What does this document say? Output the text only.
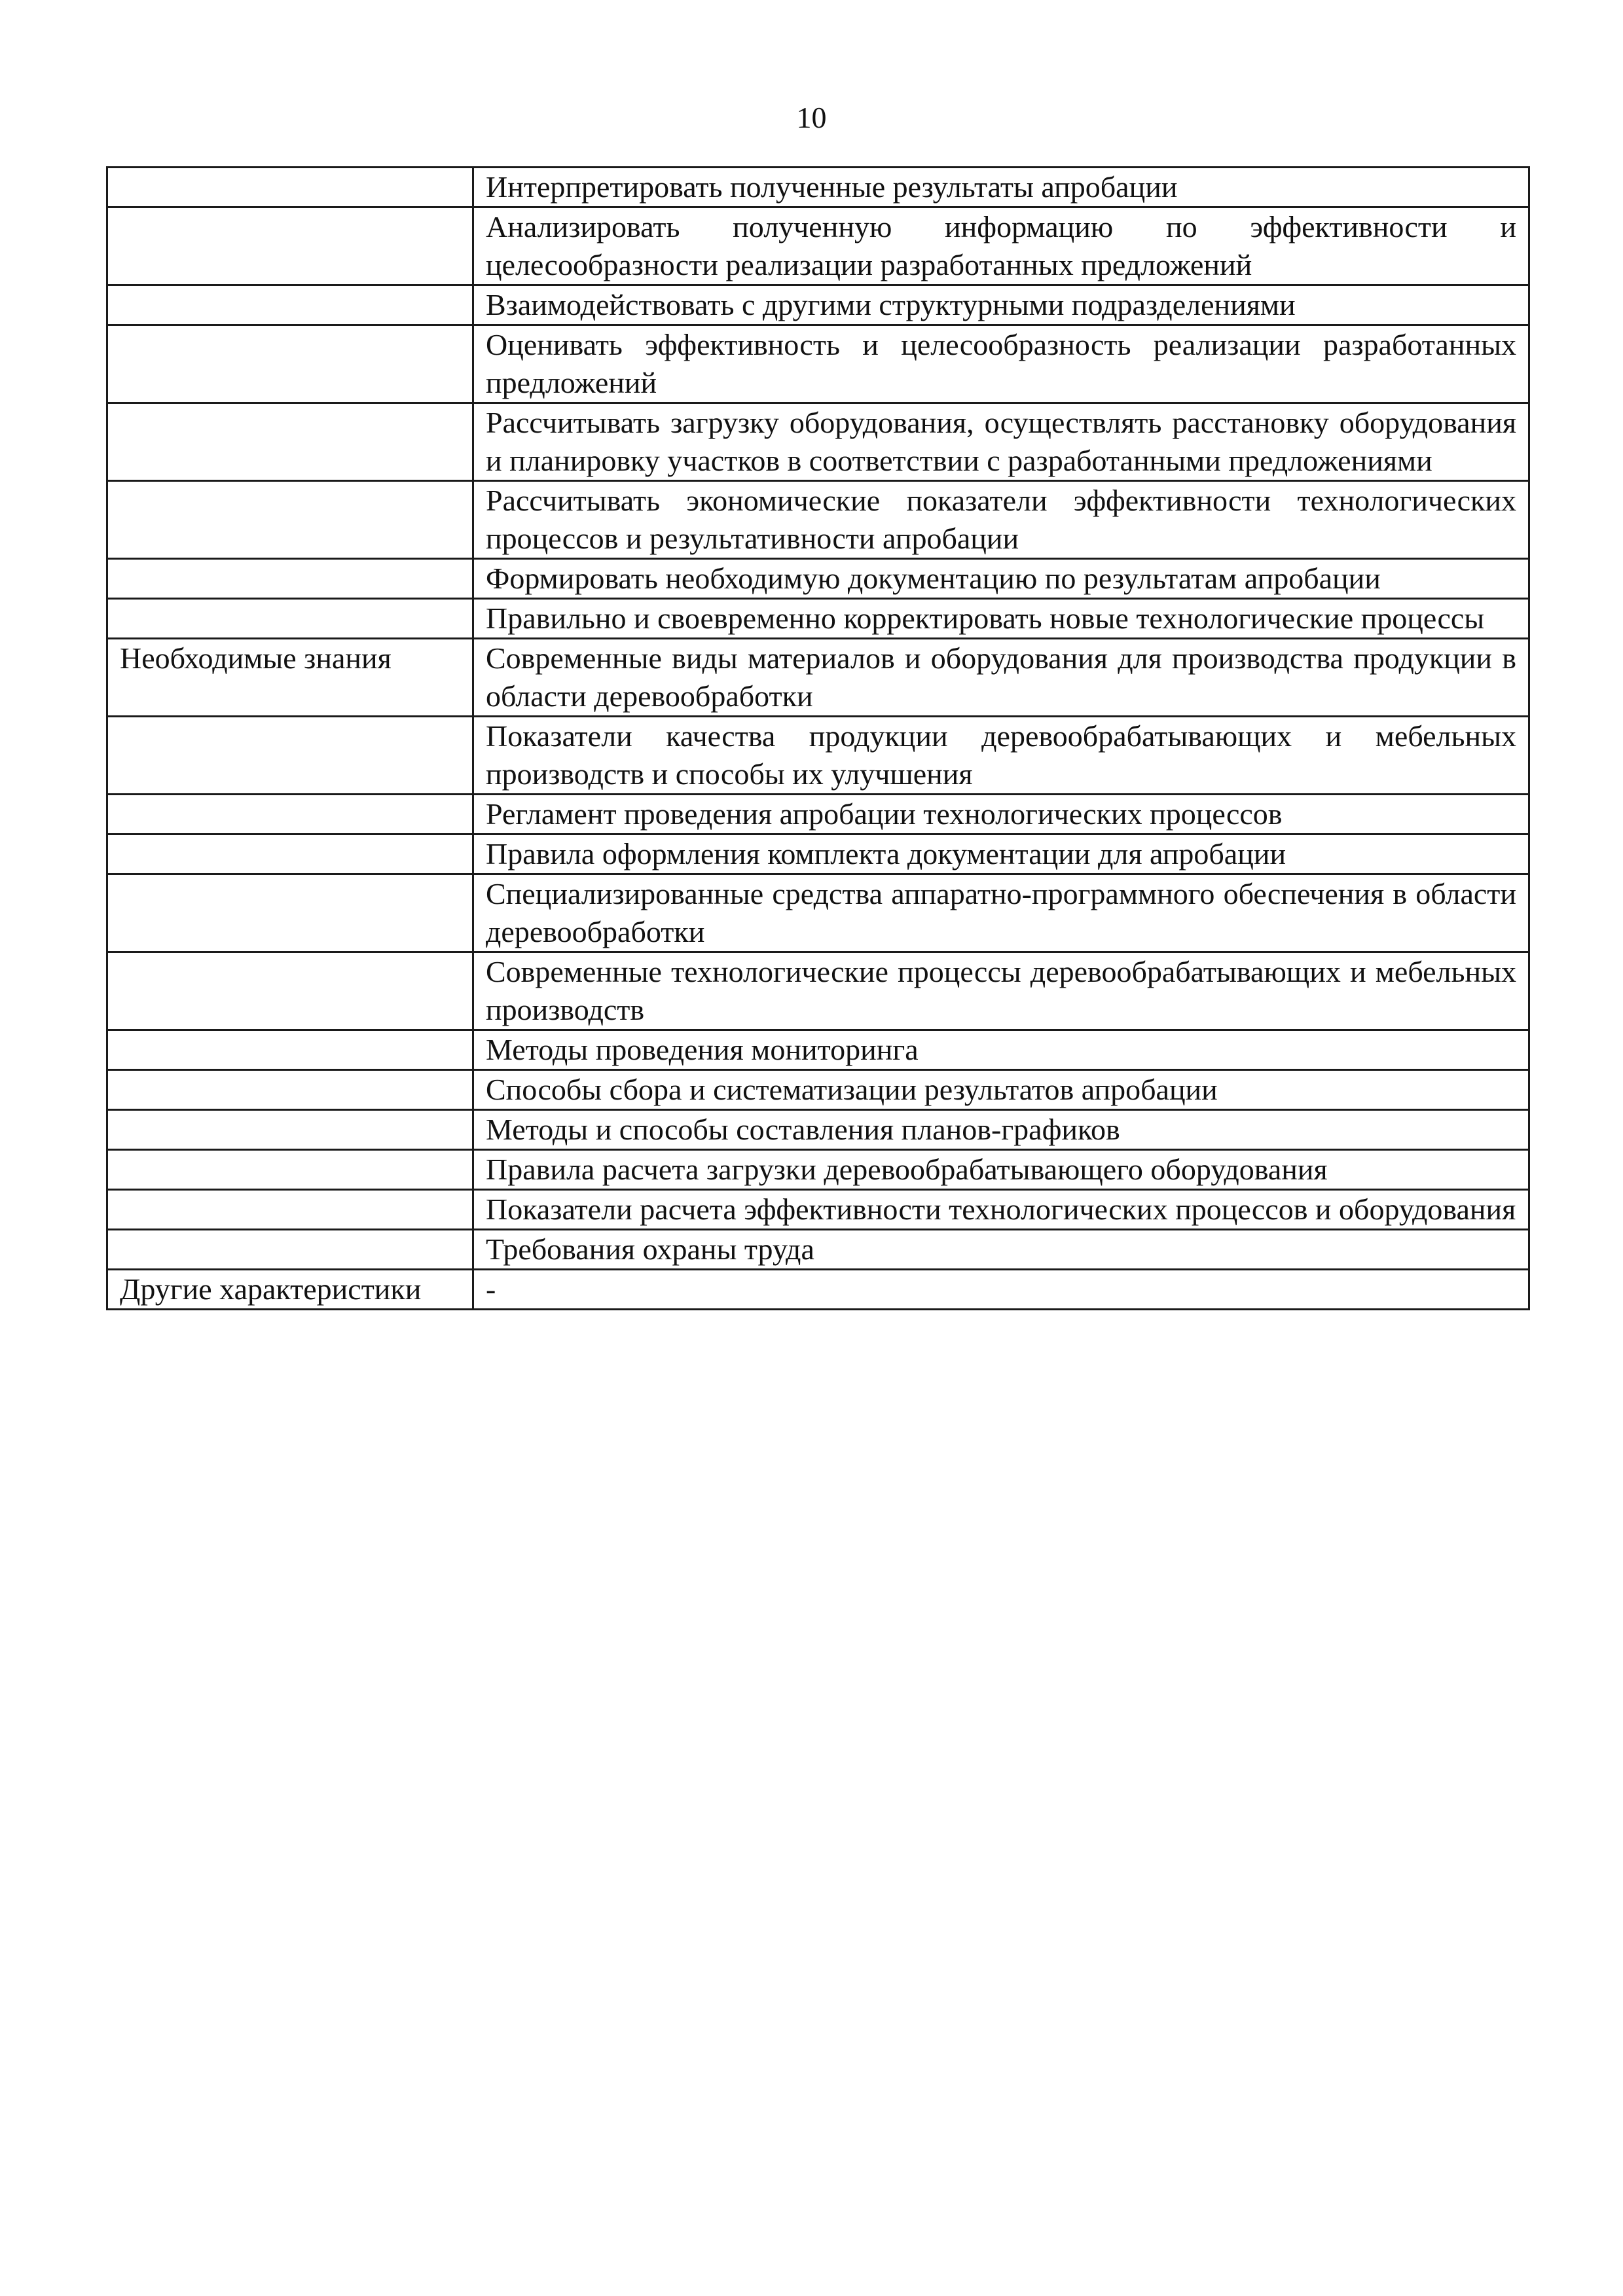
10
	Интерпретировать полученные результаты апробации
	Анализировать полученную информацию по эффективности и целесообразности реализации разработанных предложений
	Взаимодействовать с другими структурными подразделениями
	Оценивать эффективность и целесообразность реализации разработанных предложений
	Рассчитывать загрузку оборудования, осуществлять расстановку оборудования и планировку участков в соответствии с разработанными предложениями
	Рассчитывать экономические показатели эффективности технологических процессов и результативности апробации
	Формировать необходимую документацию по результатам апробации
	Правильно и своевременно корректировать новые технологические процессы
Необходимые знания	Современные виды материалов и оборудования для производства продукции в области деревообработки
	Показатели качества продукции деревообрабатывающих и мебельных производств и способы их улучшения
	Регламент проведения апробации технологических процессов
	Правила оформления комплекта документации для апробации
	Специализированные средства аппаратно-программного обеспечения в области деревообработки
	Современные технологические процессы деревообрабатывающих и мебельных производств
	Методы проведения мониторинга
	Способы сбора и систематизации результатов апробации
	Методы и способы составления планов-графиков
	Правила расчета загрузки деревообрабатывающего оборудования
	Показатели расчета эффективности технологических процессов и оборудования
	Требования охраны труда
Другие характеристики	-
